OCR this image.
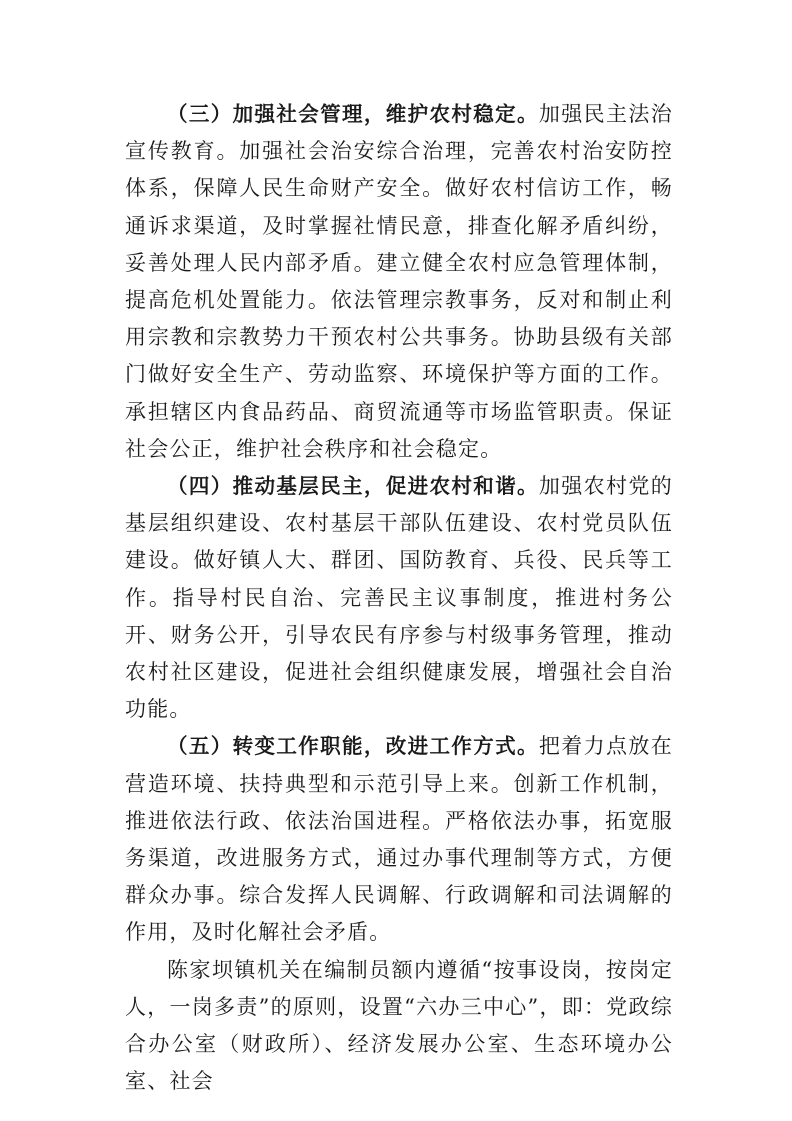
（三）加强社会管理，维护农村稳定。加强民主法治宣传教育。加强社会治安综合治理，完善农村治安防控体系，保障人民生命财产安全。做好农村信访工作，畅通诉求渠道，及时掌握社情民意，排查化解矛盾纠纷，妥善处理人民内部矛盾。建立健全农村应急管理体制，提高危机处置能力。依法管理宗教事务，反对和制止利用宗教和宗教势力干预农村公共事务。协助县级有关部门做好安全生产、劳动监察、环境保护等方面的工作。承担辖区内食品药品、商贸流通等市场监管职责。保证社会公正，维护社会秩序和社会稳定。

（四）推动基层民主，促进农村和谐。加强农村党的基层组织建设、农村基层干部队伍建设、农村党员队伍建设。做好镇人大、群团、国防教育、兵役、民兵等工作。指导村民自治、完善民主议事制度，推进村务公开、财务公开，引导农民有序参与村级事务管理，推动农村社区建设，促进社会组织健康发展，增强社会自治功能。

（五）转变工作职能，改进工作方式。把着力点放在营造环境、扶持典型和示范引导上来。创新工作机制，推进依法行政、依法治国进程。严格依法办事，拓宽服务渠道，改进服务方式，通过办事代理制等方式，方便群众办事。综合发挥人民调解、行政调解和司法调解的作用，及时化解社会矛盾。

陈家坝镇机关在编制员额内遵循“按事设岗，按岗定人，一岗多责”的原则，设置“六办三中心”，即：党政综合办公室（财政所）、经济发展办公室、生态环境办公室、社会
